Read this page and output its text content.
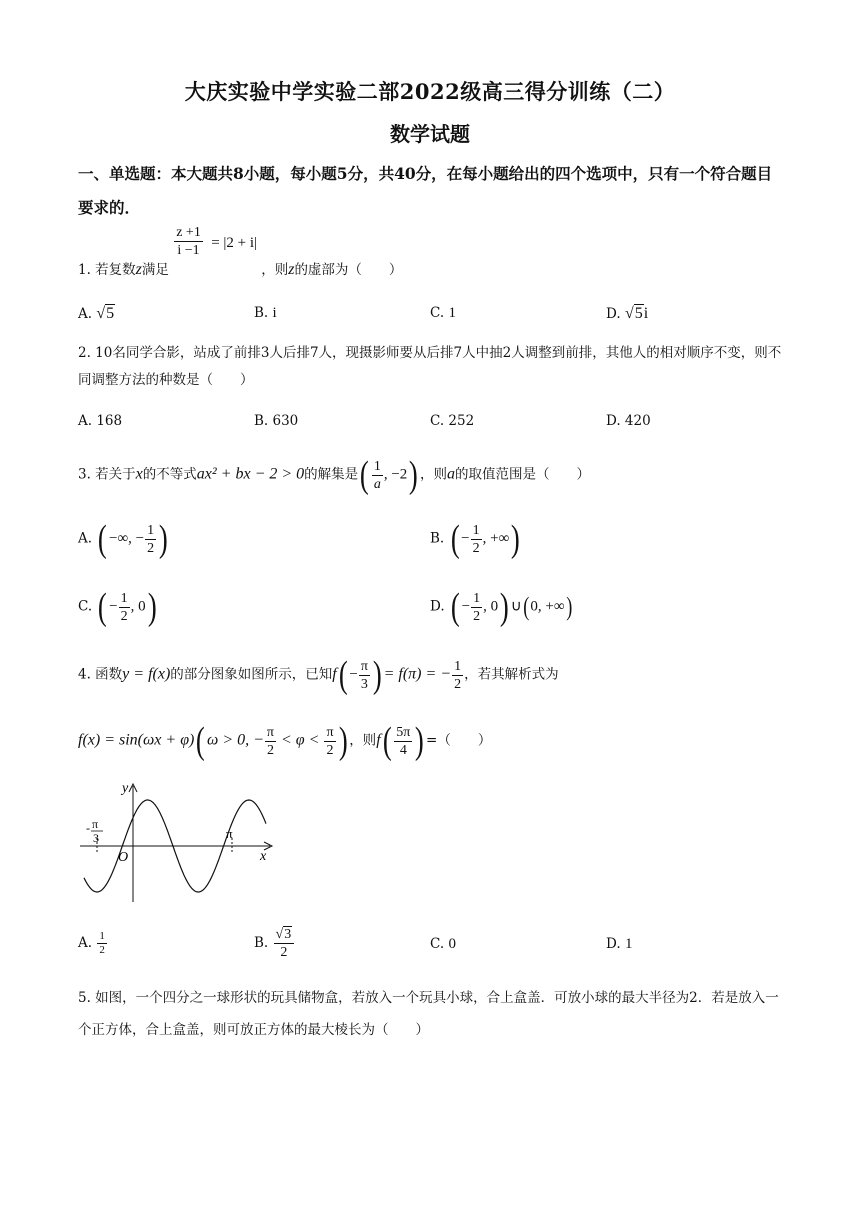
大庆实验中学实验二部2022级高三得分训练（二）
数学试题
一、单选题：本大题共8小题，每小题5分，共40分，在每小题给出的四个选项中，只有一个符合题目要求的．
1. 若复数z满足
$\frac{z +1}{i -1} = |2 + i|$
，则z的虚部为（　　）
A. √5	B. i	C. 1	D. √5i
2. 10名同学合影，站成了前排3人后排7人，现摄影师要从后排7人中抽2人调整到前排，其他人的相对顺序不变，则不同调整方法的种数是（　　）
A. 168	B. 630	C. 252	D. 420
3. 若关于x的不等式ax² + bx − 2 > 0的解集是( $\frac{1}{a}$ , −2) ，则a的取值范围是（　　）
A. ( −∞, − $\frac{1}{2}$ )	B. ( − $\frac{1}{2}$ , +∞)
C. ( − $\frac{1}{2}$ , 0)	D. ( − $\frac{1}{2}$ , 0) ∪(0, +∞)
4. 函数y = f(x)的部分图象如图所示，已知$f( - \frac{\pi}{3}$ ) = f(π) = − $\frac{1}{2}$ ，若其解析式为
f(x) = sin(ωx + φ)( ω > 0, − $\frac{\pi}{2} < \varphi < \frac{\pi}{2}$ ) ，则$f( \frac{5\pi}{4}$ ) =（　　）
y
x
O
- π
3	π
A. $\frac{1}{2}$	B. $\frac{√3}{2}$	C. 0	D. 1
5. 如图，一个四分之一球形状的玩具储物盒，若放入一个玩具小球，合上盒盖．可放小球的最大半径为2．若是放入一个正方体，合上盒盖，则可放正方体的最大棱长为（　　）
